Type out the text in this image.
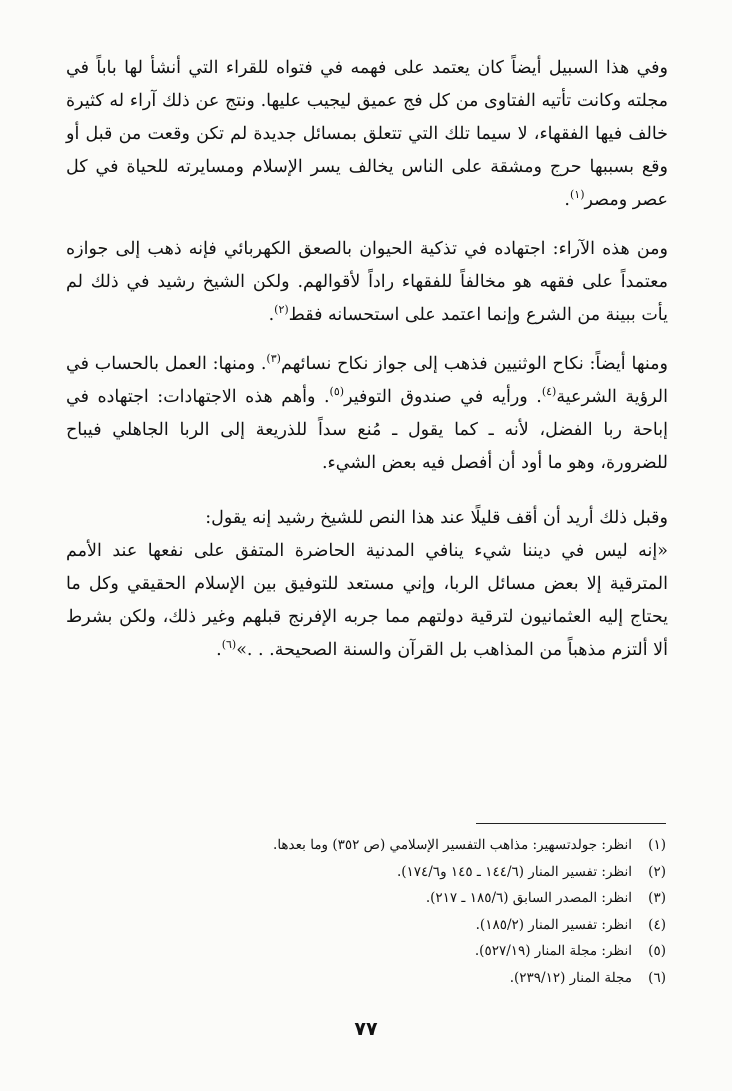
وفي هذا السبيل أيضاً كان يعتمد على فهمه في فتواه للقراء التي أنشأ لها باباً في مجلته وكانت تأتيه الفتاوى من كل فج عميق ليجيب عليها. ونتج عن ذلك آراء له كثيرة خالف فيها الفقهاء، لا سيما تلك التي تتعلق بمسائل جديدة لم تكن وقعت من قبل أو وقع بسببها حرج ومشقة على الناس يخالف يسر الإسلام ومسايرته للحياة في كل عصر ومصر$^{(١)}$.

ومن هذه الآراء: اجتهاده في تذكية الحيوان بالصعق الكهربائي فإنه ذهب إلى جوازه معتمداً على فقهه هو مخالفاً للفقهاء راداً لأقوالهم. ولكن الشيخ رشيد في ذلك لم يأت ببينة من الشرع وإنما اعتمد على استحسانه فقط$^{(٢)}$.

ومنها أيضاً: نكاح الوثنيين فذهب إلى جواز نكاح نسائهم$^{(٣)}$. ومنها: العمل بالحساب في الرؤية الشرعية$^{(٤)}$. ورأيه في صندوق التوفير$^{(٥)}$. وأهم هذه الاجتهادات: اجتهاده في إباحة ربا الفضل، لأنه ـ كما يقول ـ مُنع سداً للذريعة إلى الربا الجاهلي فيباح للضرورة، وهو ما أود أن أفصل فيه بعض الشيء.

وقبل ذلك أريد أن أقف قليلًا عند هذا النص للشيخ رشيد إنه يقول:
«إنه ليس في ديننا شيء ينافي المدنية الحاضرة المتفق على نفعها عند الأمم المترقية إلا بعض مسائل الربا، وإني مستعد للتوفيق بين الإسلام الحقيقي وكل ما يحتاج إليه العثمانيون لترقية دولتهم مما جربه الإفرنج قبلهم وغير ذلك، ولكن بشرط ألا ألتزم مذهباً من المذاهب بل القرآن والسنة الصحيحة. . .»$^{(٦)}$.

(١)انظر: جولدتسهير: مذاهب التفسير الإسلامي (ص ٣٥٢) وما بعدها.
(٢)انظر: تفسير المنار (١٤٤/٦ ـ ١٤٥ و١٧٤/٦).
(٣)انظر: المصدر السابق (١٨٥/٦ ـ ٢١٧).
(٤)انظر: تفسير المنار (١٨٥/٢).
(٥)انظر: مجلة المنار (٥٢٧/١٩).
(٦)مجلة المنار (٢٣٩/١٢).
٧٧
